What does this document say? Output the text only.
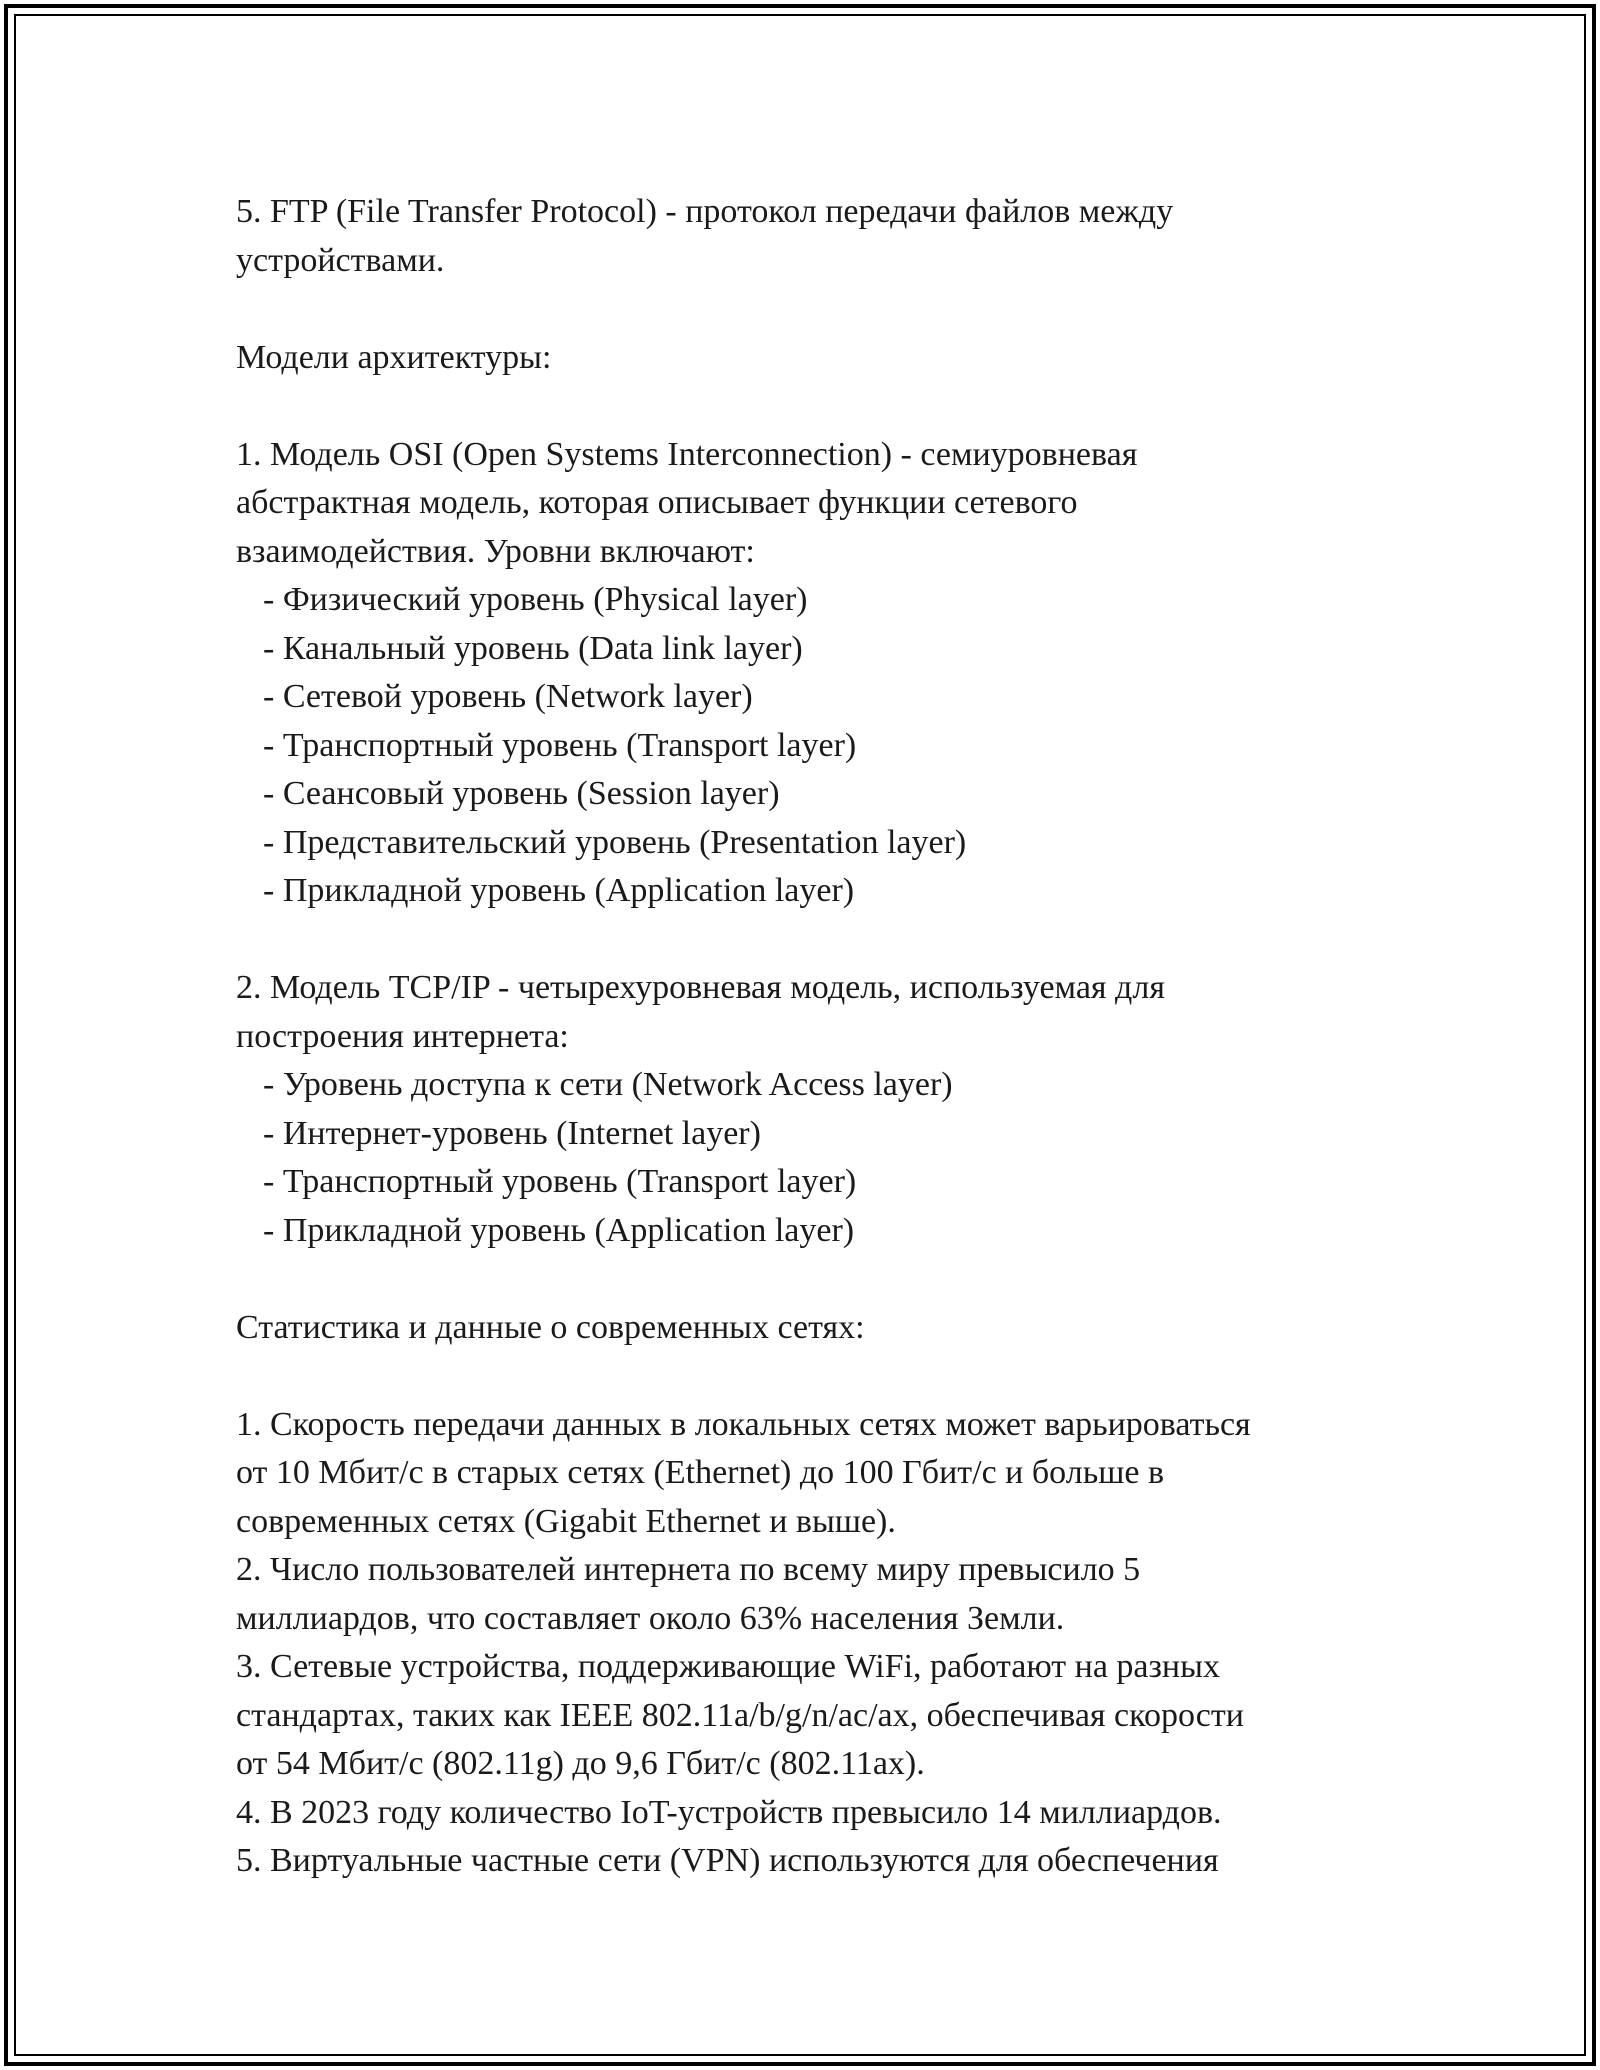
5. FTP (File Transfer Protocol) - протокол передачи файлов между

устройствами.

Модели архитектуры:

1. Модель OSI (Open Systems Interconnection) - семиуровневая

абстрактная модель, которая описывает функции сетевого

взаимодействия. Уровни включают:

- Физический уровень (Physical layer)

- Канальный уровень (Data link layer)

- Сетевой уровень (Network layer)

- Транспортный уровень (Transport layer)

- Сеансовый уровень (Session layer)

- Представительский уровень (Presentation layer)

- Прикладной уровень (Application layer)

2. Модель TCP/IP - четырехуровневая модель, используемая для

построения интернета:

- Уровень доступа к сети (Network Access layer)

- Интернет-уровень (Internet layer)

- Транспортный уровень (Transport layer)

- Прикладной уровень (Application layer)

Статистика и данные о современных сетях:

1. Скорость передачи данных в локальных сетях может варьироваться

от 10 Мбит/с в старых сетях (Ethernet) до 100 Гбит/с и больше в

современных сетях (Gigabit Ethernet и выше).

2. Число пользователей интернета по всему миру превысило 5

миллиардов, что составляет около 63% населения Земли.

3. Сетевые устройства, поддерживающие WiFi, работают на разных

стандартах, таких как IEEE 802.11a/b/g/n/ac/ax, обеспечивая скорости

от 54 Мбит/с (802.11g) до 9,6 Гбит/с (802.11ax).

4. В 2023 году количество IoT-устройств превысило 14 миллиардов.

5. Виртуальные частные сети (VPN) используются для обеспечения
